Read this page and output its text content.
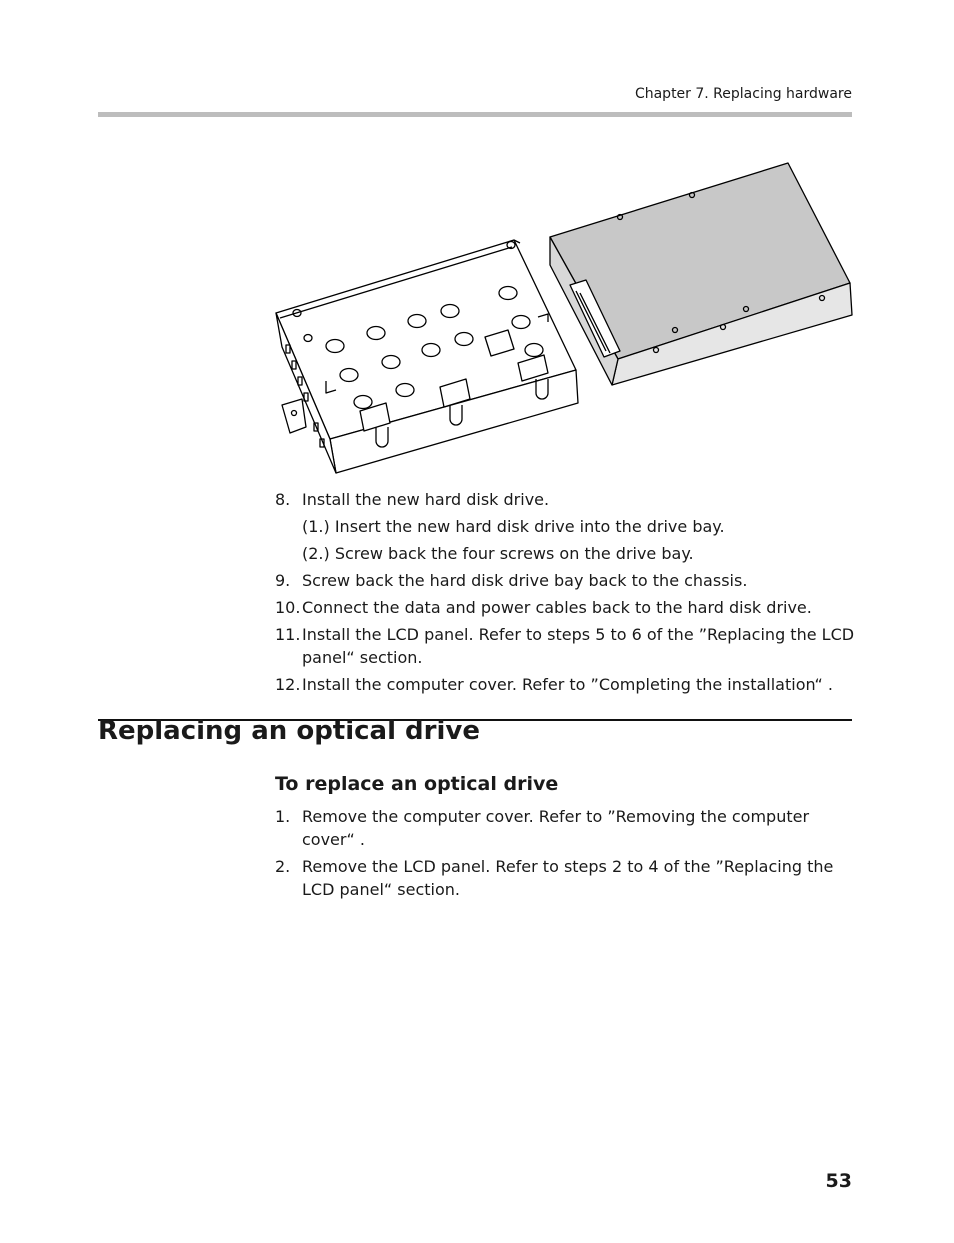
Chapter 7. Replacing hardware
8. Install the new hard disk drive.
(1.) Insert the new hard disk drive into the drive bay.
(2.) Screw back the four screws on the drive bay.
9. Screw back the hard disk drive bay back to the chassis.
10. Connect the data and power cables back to the hard disk drive.
11. Install the LCD panel. Refer to steps 5 to 6 of the ”Replacing the LCD panel“ section.
12. Install the computer cover. Refer to ”Completing the installation“ .
Replacing an optical drive
To replace an optical drive
1. Remove the computer cover. Refer to ”Removing the computer cover“ .
2. Remove the LCD panel. Refer to steps 2 to 4 of the ”Replacing the LCD panel“ section.
53
